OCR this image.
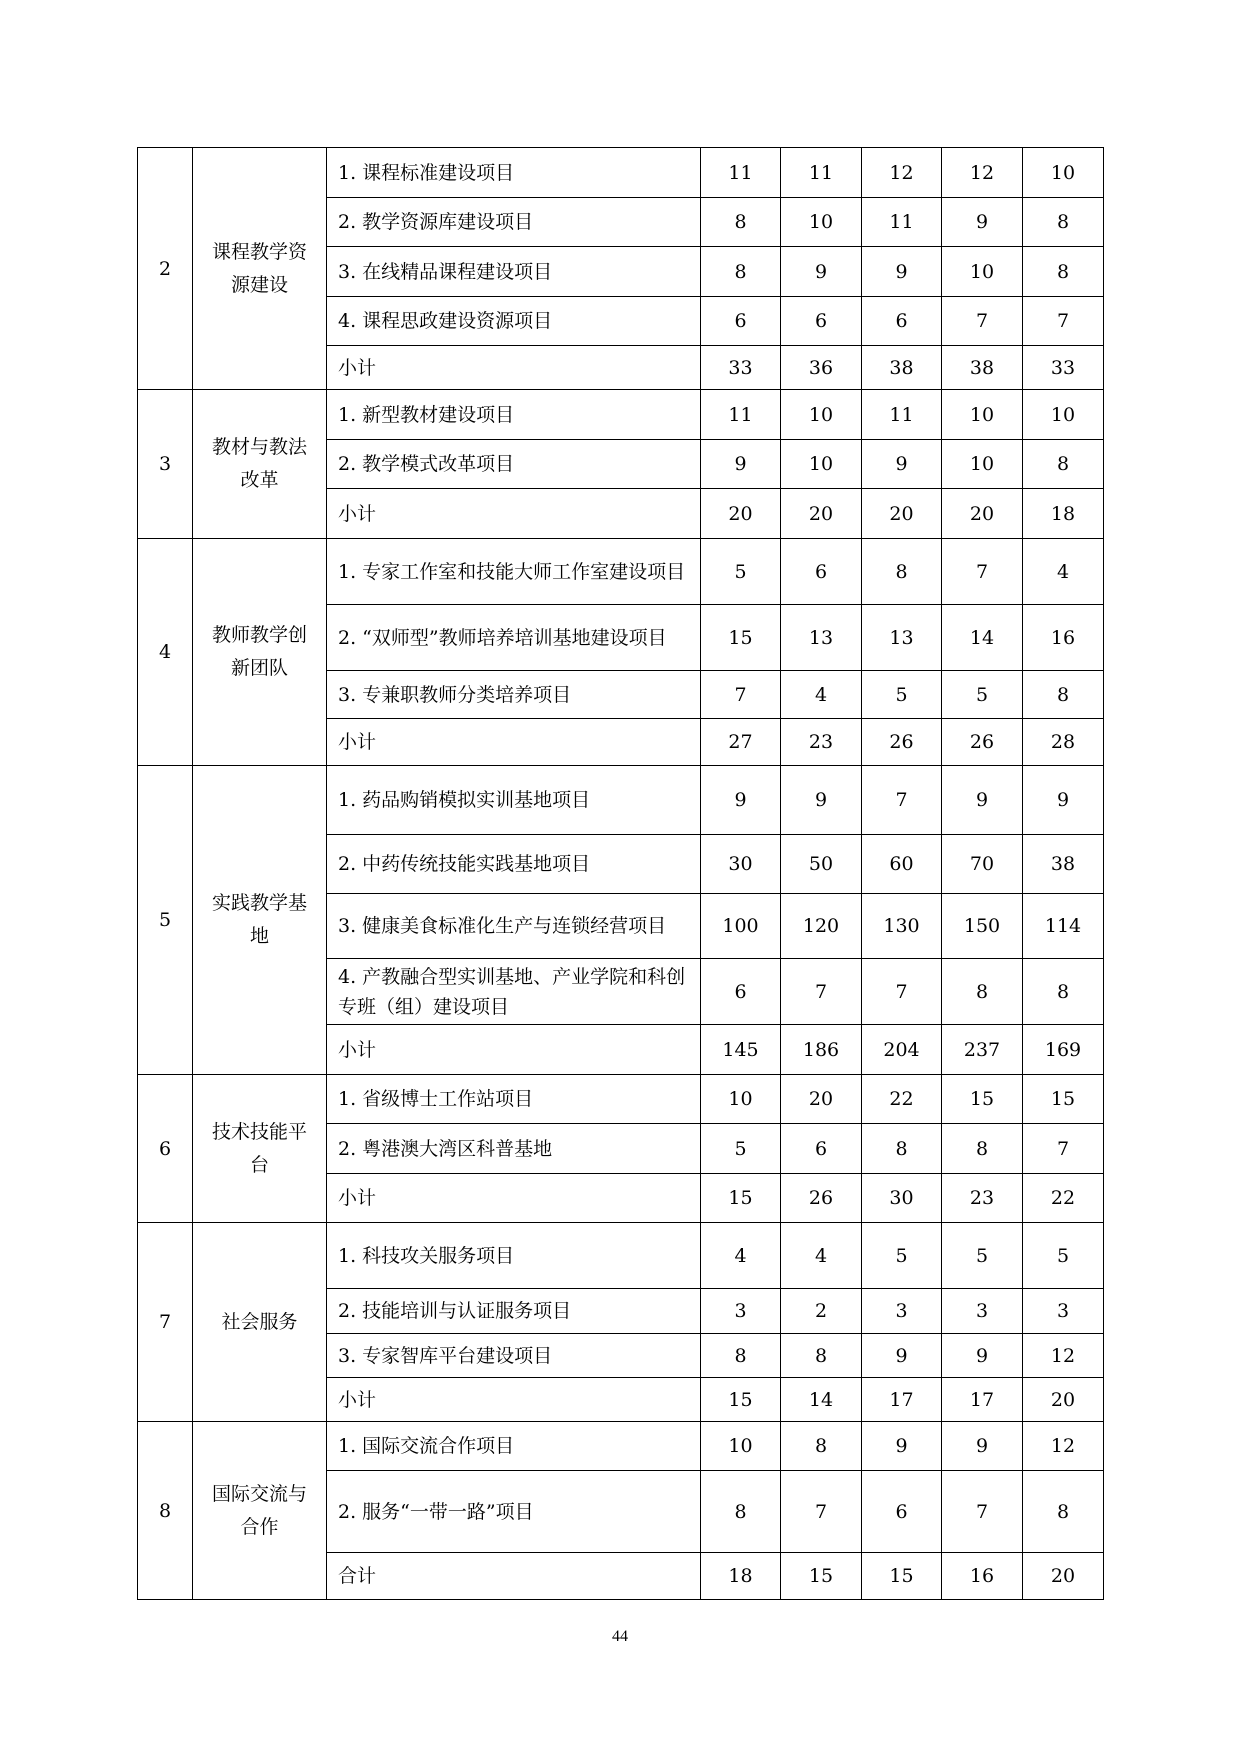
2	课程教学资源建设	1. 课程标准建设项目	11	11	12	12	10
		2. 教学资源库建设项目	8	10	11	9	8
		3. 在线精品课程建设项目	8	9	9	10	8
		4. 课程思政建设资源项目	6	6	6	7	7
		小计	33	36	38	38	33
3	教材与教法改革	1. 新型教材建设项目	11	10	11	10	10
		2. 教学模式改革项目	9	10	9	10	8
		小计	20	20	20	20	18
4	教师教学创新团队	1. 专家工作室和技能大师工作室建设项目	5	6	8	7	4
		2. “双师型”教师培养培训基地建设项目	15	13	13	14	16
		3. 专兼职教师分类培养项目	7	4	5	5	8
		小计	27	23	26	26	28
5	实践教学基地	1. 药品购销模拟实训基地项目	9	9	7	9	9
		2. 中药传统技能实践基地项目	30	50	60	70	38
		3. 健康美食标准化生产与连锁经营项目	100	120	130	150	114
		4. 产教融合型实训基地、产业学院和科创专班（组）建设项目	6	7	7	8	8
		小计	145	186	204	237	169
6	技术技能平台	1. 省级博士工作站项目	10	20	22	15	15
		2. 粤港澳大湾区科普基地	5	6	8	8	7
		小计	15	26	30	23	22
7	社会服务	1. 科技攻关服务项目	4	4	5	5	5
		2. 技能培训与认证服务项目	3	2	3	3	3
		3. 专家智库平台建设项目	8	8	9	9	12
		小计	15	14	17	17	20
8	国际交流与合作	1. 国际交流合作项目	10	8	9	9	12
		2. 服务“一带一路”项目	8	7	6	7	8
		合计	18	15	15	16	20
44
